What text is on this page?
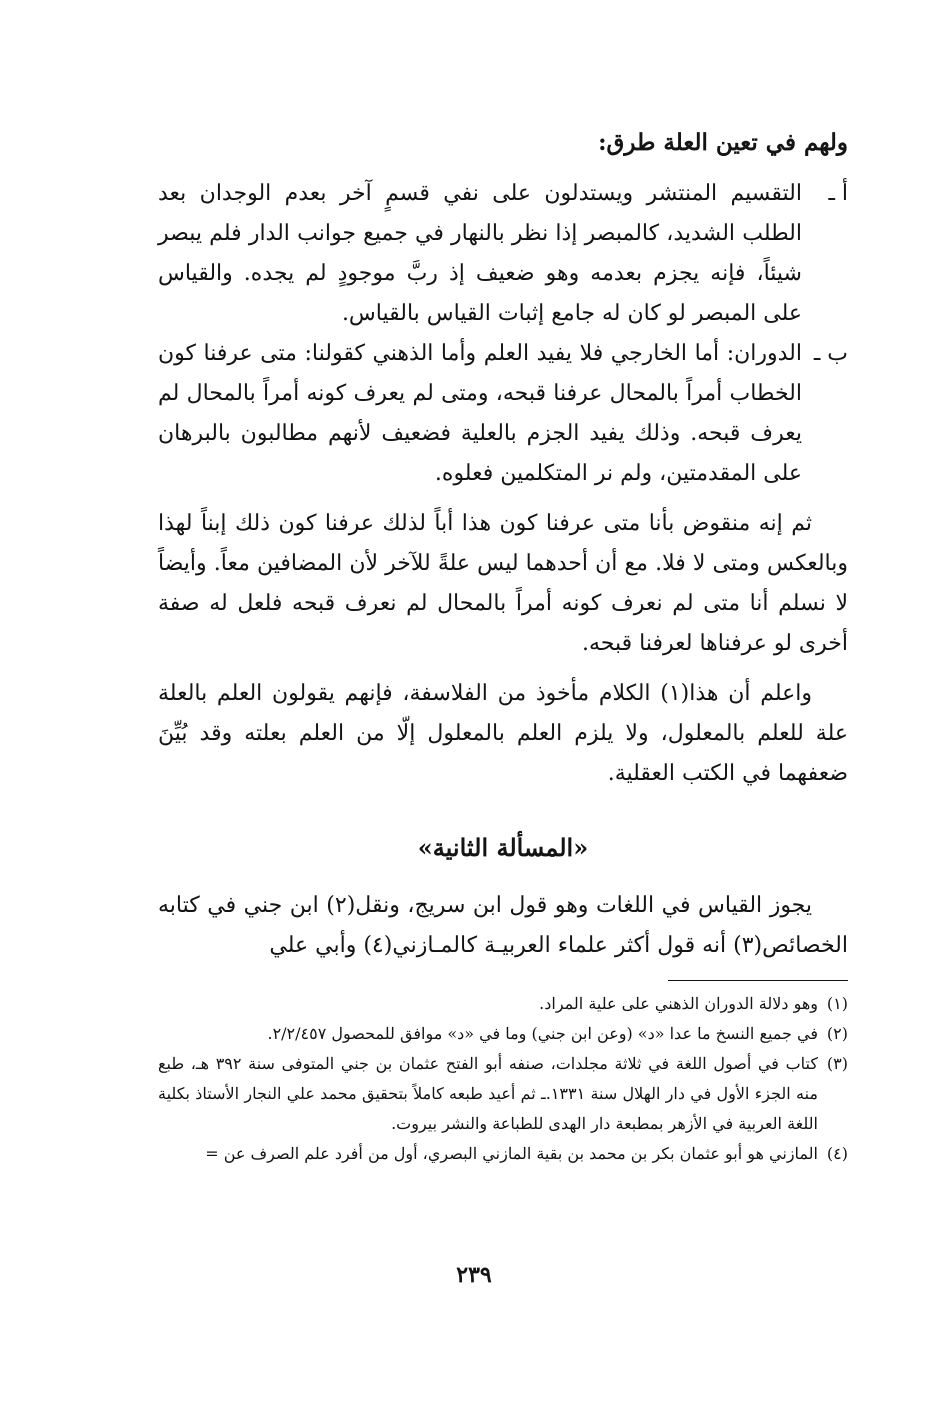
ولهم في تعين العلة طرق:
أ ـ
التقسيم المنتشر ويستدلون على نفي قسمٍ آخر بعدم الوجدان بعد الطلب الشديد، كالمبصر إذا نظر بالنهار في جميع جوانب الدار فلم يبصر شيئاً، فإنه يجزم بعدمه وهو ضعيف إذ ربَّ موجودٍ لم يجده. والقياس على المبصر لو كان له جامع إثبات القياس بالقياس.
ب ـ
الدوران: أما الخارجي فلا يفيد العلم وأما الذهني كقولنا: متى عرفنا كون الخطاب أمراً بالمحال عرفنا قبحه، ومتى لم يعرف كونه أمراً بالمحال لم يعرف قبحه. وذلك يفيد الجزم بالعلية فضعيف لأنهم مطالبون بالبرهان على المقدمتين، ولم نر المتكلمين فعلوه.

ثم إنه منقوض بأنا متى عرفنا كون هذا أباً لذلك عرفنا كون ذلك إبناً لهذا وبالعكس ومتى لا فلا. مع أن أحدهما ليس علةً للآخر لأن المضافين معاً. وأيضاً لا نسلم أنا متى لم نعرف كونه أمراً بالمحال لم نعرف قبحه فلعل له صفة أخرى لو عرفناها لعرفنا قبحه.

واعلم أن هذا(١) الكلام مأخوذ من الفلاسفة، فإنهم يقولون العلم بالعلة علة للعلم بالمعلول، ولا يلزم العلم بالمعلول إلّا من العلم بعلته وقد بُيِّنَ ضعفهما في الكتب العقلية.

«المسألة الثانية»

يجوز القياس في اللغات وهو قول ابن سريج، ونقل(٢) ابن جني في كتابه الخصائص(٣) أنه قول أكثر علماء العربيـة كالمـازني(٤) وأبي علي

(١)
وهو دلالة الدوران الذهني على علية المراد.
(٢)
في جميع النسخ ما عدا «د» (وعن ابن جني) وما في «د» موافق للمحصول ٢/٢/٤٥٧.
(٣)
كتاب في أصول اللغة في ثلاثة مجلدات، صنفه أبو الفتح عثمان بن جني المتوفى سنة ٣٩٢ هـ، طبع منه الجزء الأول في دار الهلال سنة ١٣٣١.ـ ثم أعيد طبعه كاملاً بتحقيق محمد علي النجار الأستاذ بكلية اللغة العربية في الأزهر بمطبعة دار الهدى للطباعة والنشر بيروت.
(٤)
المازني هو أبو عثمان بكر بن محمد بن بقية المازني البصري، أول من أفرد علم الصرف عن =
٢٣٩
